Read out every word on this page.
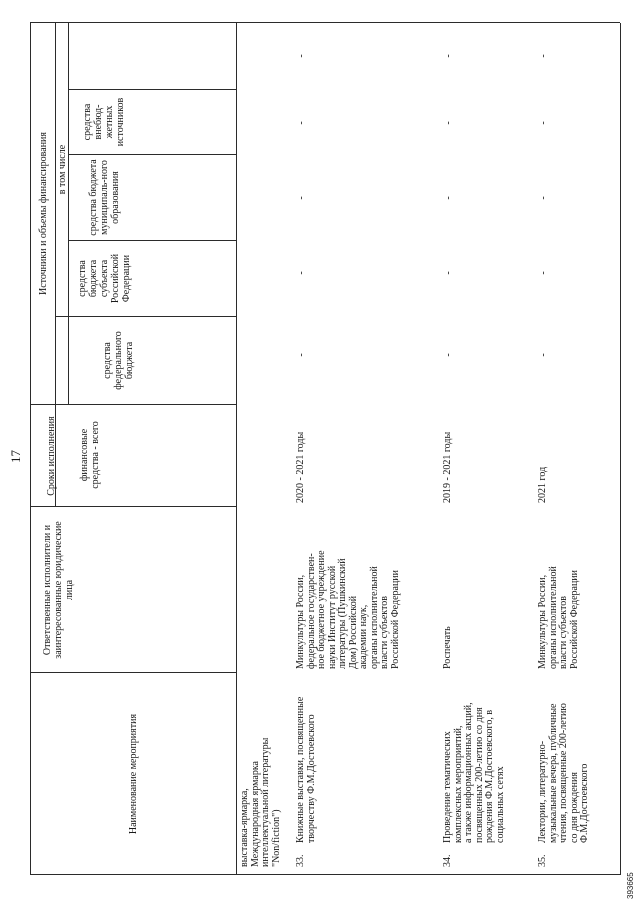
17
Наименование мероприятия
Ответственные исполнители и заинтересованные юридические лица
Сроки исполнения
Источники и объемы финансирования
финансовые средства - всего
средства федерального бюджета
в том числе
средства бюджета субъекта Российской Федерации
средства бюджета муниципаль-ного образования
средства внебюд-жетных источников
выставка-ярмарка,
Международная ярмарка
интеллектуальной литературы
"Non/fiction") 33.
Книжные выставки, посвященные
творчеству Ф.М.Достоевского
Минкультуры России,
федеральное государствен-
ное бюджетное учреждение
науки Институт русской
литературы (Пушкинский
Дом) Российской
академии наук,
органы исполнительной
власти субъектов
Российской Федерации
2020 - 2021 годы
-
-
-
-
-
34.
Проведение тематических
комплексных мероприятий,
а также информационных акций,
посвященных 200-летию со дня
рождения Ф.М.Достоевского, в
социальных сетях
Роспечать
2019 - 2021 годы
-
-
-
-
-
35.
Лектории, литературно-
музыкальные вечера, публичные
чтения, посвященные 200-летию
со дня рождения
Ф.М.Достоевского
Минкультуры России,
органы исполнительной
власти субъектов
Российской Федерации
2021 год
-
-
-
-
-
393665
